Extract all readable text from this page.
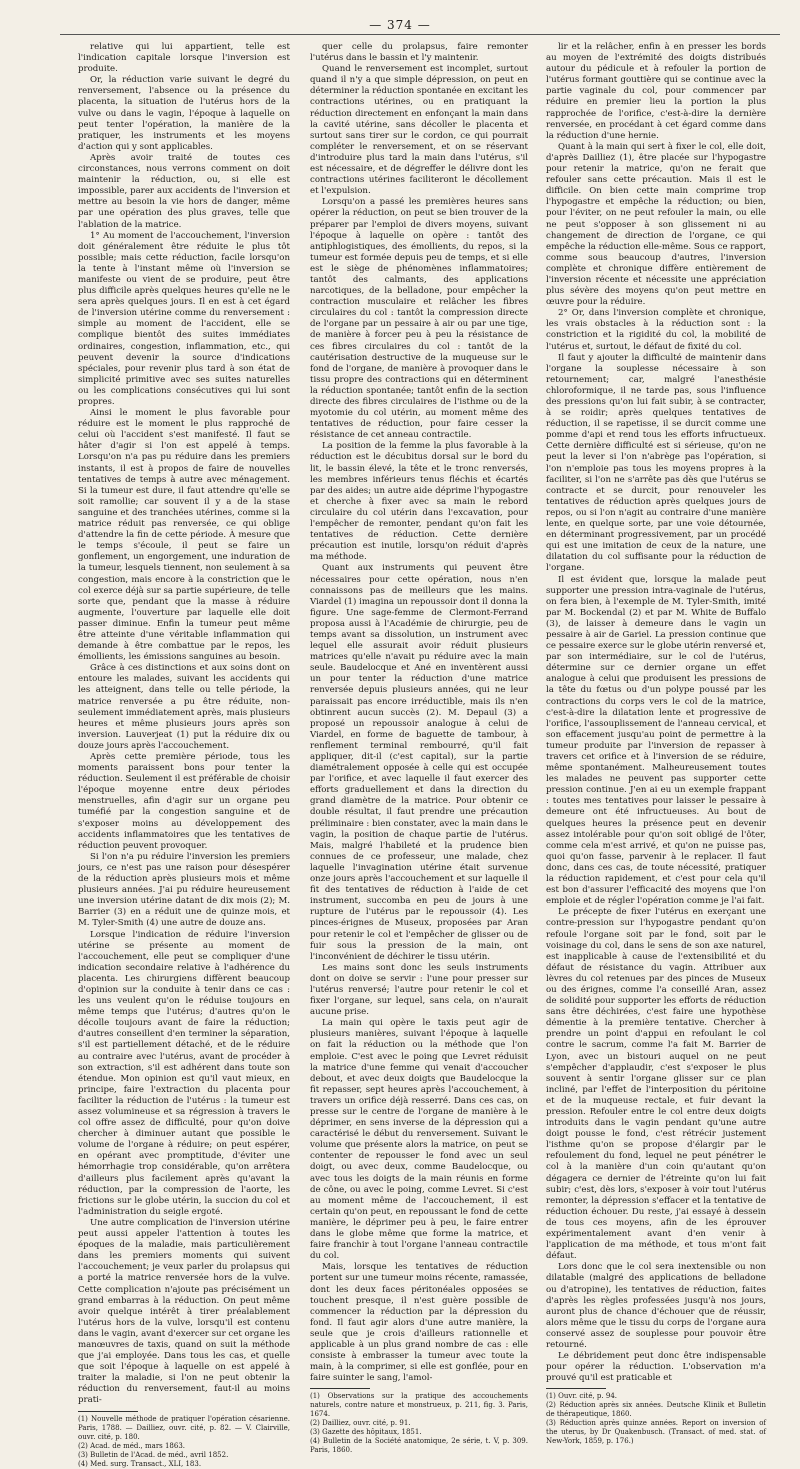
— 374 —

relative qui lui appartient, telle est l'indication capitale lorsque l'inversion est produite.

Or, la réduction varie suivant le degré du renversement, l'absence ou la présence du placenta, la situation de l'utérus hors de la vulve ou dans le vagin, l'époque à laquelle on peut tenter l'opération, la manière de la pratiquer, les instruments et les moyens d'action qui y sont applicables.

Après avoir traité de toutes ces circonstances, nous verrons comment on doit maintenir la réduction, ou, si elle est impossible, parer aux accidents de l'inversion et mettre au besoin la vie hors de danger, même par une opération des plus graves, telle que l'ablation de la matrice.

1° Au moment de l'accouchement, l'inversion doit généralement être réduite le plus tôt possible; mais cette réduction, facile lorsqu'on la tente à l'instant même où l'inversion se manifeste ou vient de se produire, peut être plus difficile après quelques heures qu'elle ne le sera après quelques jours. Il en est à cet égard de l'inversion utérine comme du renversement : simple au moment de l'accident, elle se complique bientôt des suites immédiates ordinaires, congestion, inflammation, etc., qui peuvent devenir la source d'indications spéciales, pour revenir plus tard à son état de simplicité primitive avec ses suites naturelles ou les complications consécutives qui lui sont propres.

Ainsi le moment le plus favorable pour réduire est le moment le plus rapproché de celui où l'accident s'est manifesté. Il faut se hâter d'agir si l'on est appelé à temps. Lorsqu'on n'a pas pu réduire dans les premiers instants, il est à propos de faire de nouvelles tentatives de temps à autre avec ménagement. Si la tumeur est dure, il faut attendre qu'elle se soit ramollie; car souvent il y a de la stase sanguine et des tranchées utérines, comme si la matrice réduit pas renversée, ce qui oblige d'attendre la fin de cette période. À mesure que le temps s'écoule, il peut se faire un gonflement, un engorgement, une induration de la tumeur, lesquels tiennent, non seulement à sa congestion, mais encore à la constriction que le col exerce déjà sur sa partie supérieure, de telle sorte que, pendant que la masse à réduire augmente, l'ouverture par laquelle elle doit passer diminue. Enfin la tumeur peut même être atteinte d'une véritable inflammation qui demande à être combattue par le repos, les émollients, les émissions sanguines au besoin.

Grâce à ces distinctions et aux soins dont on entoure les malades, suivant les accidents qui les atteignent, dans telle ou telle période, la matrice renversée a pu être réduite, non-seulement immédiatement après, mais plusieurs heures et même plusieurs jours après son inversion. Lauverjeat (1) put la réduire dix ou douze jours après l'accouchement.

Après cette première période, tous les moments paraissent bons pour tenter la réduction. Seulement il est préférable de choisir l'époque moyenne entre deux périodes menstruelles, afin d'agir sur un organe peu tuméfié par la congestion sanguine et de s'exposer moins au développement des accidents inflammatoires que les tentatives de réduction peuvent provoquer.

Si l'on n'a pu réduire l'inversion les premiers jours, ce n'est pas une raison pour désespérer de la réduction après plusieurs mois et même plusieurs années. J'ai pu réduire heureusement une inversion utérine datant de dix mois (2); M. Barrier (3) en a réduit une de quinze mois, et M. Tyler-Smith (4) une autre de douze ans.

Lorsque l'indication de réduire l'inversion utérine se présente au moment de l'accouchement, elle peut se compliquer d'une indication secondaire relative à l'adhérence du placenta. Les chirurgiens diffèrent beaucoup d'opinion sur la conduite à tenir dans ce cas : les uns veulent qu'on le réduise toujours en même temps que l'utérus; d'autres qu'on le décolle toujours avant de faire la réduction; d'autres conseillent d'en terminer la séparation, s'il est partiellement détaché, et de le réduire au contraire avec l'utérus, avant de procéder à son extraction, s'il est adhérent dans toute son étendue. Mon opinion est qu'il vaut mieux, en principe, faire l'extraction du placenta pour faciliter la réduction de l'utérus : la tumeur est assez volumineuse et sa régression à travers le col offre assez de difficulté, pour qu'on doive chercher à diminuer autant que possible le volume de l'organe à réduire; on peut espérer, en opérant avec promptitude, d'éviter une hémorrhagie trop considérable, qu'on arrêtera d'ailleurs plus facilement après qu'avant la réduction, par la compression de l'aorte, les frictions sur le globe utérin, la succion du col et l'administration du seigle ergoté.

Une autre complication de l'inversion utérine peut aussi appeler l'attention à toutes les époques de la maladie, mais particulièrement dans les premiers moments qui suivent l'accouchement; je veux parler du prolapsus qui a porté la matrice renversée hors de la vulve. Cette complication n'ajoute pas précisément un grand embarras à la réduction. On peut même avoir quelque intérêt à tirer préalablement l'utérus hors de la vulve, lorsqu'il est contenu dans le vagin, avant d'exercer sur cet organe les manœuvres de taxis, quand on suit la méthode que j'ai employée. Dans tous les cas, et quelle que soit l'époque à laquelle on est appelé à traiter la maladie, si l'on ne peut obtenir la réduction du renversement, faut-il au moins prati-

(1) Nouvelle méthode de pratiquer l'opération césarienne. Paris, 1788. — Dailliez, ouvr. cité, p. 82. — V. Clairville, ouvr. cité, p. 180.

(2) Acad. de méd., mars 1863.

(3) Bulletin de l'Acad. de méd., avril 1852.

(4) Med. surg. Transact., XLI, 183.

quer celle du prolapsus, faire remonter l'utérus dans le bassin et l'y maintenir.

Quand le renversement est incomplet, surtout quand il n'y a que simple dépression, on peut en déterminer la réduction spontanée en excitant les contractions utérines, ou en pratiquant la réduction directement en enfonçant la main dans la cavité utérine, sans décoller le placenta et surtout sans tirer sur le cordon, ce qui pourrait compléter le renversement, et on se réservant d'introduire plus tard la main dans l'utérus, s'il est nécessaire, et de dégreffer le délivre dont les contractions utérines faciliteront le décollement et l'expulsion.

Lorsqu'on a passé les premières heures sans opérer la réduction, on peut se bien trouver de la préparer par l'emploi de divers moyens, suivant l'époque à laquelle on opère : tantôt des antiphlogistiques, des émollients, du repos, si la tumeur est formée depuis peu de temps, et si elle est le siège de phénomènes inflammatoires; tantôt des calmants, des applications narcotiques, de la belladone, pour empêcher la contraction musculaire et relâcher les fibres circulaires du col : tantôt la compression directe de l'organe par un pessaire à air ou par une tige, de manière à forcer peu à peu la résistance de ces fibres circulaires du col : tantôt de la cautérisation destructive de la muqueuse sur le fond de l'organe, de manière à provoquer dans le tissu propre des contractions qui en déterminent la réduction spontanée; tantôt enfin de la section directe des fibres circulaires de l'isthme ou de la myotomie du col utérin, au moment même des tentatives de réduction, pour faire cesser la résistance de cet anneau contractile.

La position de la femme la plus favorable à la réduction est le décubitus dorsal sur le bord du lit, le bassin élevé, la tête et le tronc renversés, les membres inférieurs tenus fléchis et écartés par des aides; un autre aide déprime l'hypogastre et cherche à fixer avec sa main le rebord circulaire du col utérin dans l'excavation, pour l'empêcher de remonter, pendant qu'on fait les tentatives de réduction. Cette dernière précaution est inutile, lorsqu'on réduit d'après ma méthode.

Quant aux instruments qui peuvent être nécessaires pour cette opération, nous n'en connaissons pas de meilleurs que les mains. Viardel (1) imagina un repoussoir dont il donna la figure. Une sage-femme de Clermont-Ferrand proposa aussi à l'Académie de chirurgie, peu de temps avant sa dissolution, un instrument avec lequel elle assurait avoir réduit plusieurs matrices qu'elle n'avait pu réduire avec la main seule. Baudelocque et Ané en inventèrent aussi un pour tenter la réduction d'une matrice renversée depuis plusieurs années, qui ne leur paraissait pas encore irréductible, mais ils n'en obtinrent aucun succès (2). M. Depaul (3) a proposé un repoussoir analogue à celui de Viardel, en forme de baguette de tambour, à renflement terminal rembourré, qu'il fait appliquer, dit-il (c'est capital), sur la partie diamétralement opposée à celle qui est occupée par l'orifice, et avec laquelle il faut exercer des efforts graduellement et dans la direction du grand diamètre de la matrice. Pour obtenir ce double résultat, il faut prendre une précaution préliminaire : bien constater, avec la main dans le vagin, la position de chaque partie de l'utérus. Mais, malgré l'habileté et la prudence bien connues de ce professeur, une malade, chez laquelle l'invagination utérine était survenue onze jours après l'accouchement et sur laquelle il fit des tentatives de réduction à l'aide de cet instrument, succomba en peu de jours à une rupture de l'utérus par le repoussoir (4). Les pinces-érignes de Museux, proposées par Aran pour retenir le col et l'empêcher de glisser ou de fuir sous la pression de la main, ont l'inconvénient de déchirer le tissu utérin.

Les mains sont donc les seuls instruments dont on doive se servir : l'une pour presser sur l'utérus renversé; l'autre pour retenir le col et fixer l'organe, sur lequel, sans cela, on n'aurait aucune prise.

La main qui opère le taxis peut agir de plusieurs manières, suivant l'époque à laquelle on fait la réduction ou la méthode que l'on emploie. C'est avec le poing que Levret réduisit la matrice d'une femme qui venait d'accoucher debout, et avec deux doigts que Baudelocque la fit repasser, sept heures après l'accouchement, à travers un orifice déjà resserré. Dans ces cas, on presse sur le centre de l'organe de manière à le déprimer, en sens inverse de la dépression qui a caractérisé le début du renversement. Suivant le volume que présente alors la matrice, on peut se contenter de repousser le fond avec un seul doigt, ou avec deux, comme Baudelocque, ou avec tous les doigts de la main réunis en forme de cône, ou avec le poing, comme Levret. Si c'est au moment même de l'accouchement, il est certain qu'on peut, en repoussant le fond de cette manière, le déprimer peu à peu, le faire entrer dans le globe même que forme la matrice, et faire franchir à tout l'organe l'anneau contractile du col.

Mais, lorsque les tentatives de réduction portent sur une tumeur moins récente, ramassée, dont les deux faces péritonéales opposées se touchent presque, il n'est guère possible de commencer la réduction par la dépression du fond. Il faut agir alors d'une autre manière, la seule que je crois d'ailleurs rationnelle et applicable à un plus grand nombre de cas : elle consiste à embrasser la tumeur avec toute la main, à la comprimer, si elle est gonflée, pour en faire suinter le sang, l'amol-

(1) Observations sur la pratique des accouchements naturels, contre nature et monstrueux, p. 211, fig. 3. Paris, 1674.

(2) Dailliez, ouvr. cité, p. 91.

(3) Gazette des hôpitaux, 1851.

(4) Bulletin de la Société anatomique, 2e série, t. V, p. 309. Paris, 1860.

lir et la relâcher, enfin à en presser les bords au moyen de l'extrémité des doigts distribués autour du pédicule et à refouler la portion de l'utérus formant gouttière qui se continue avec la partie vaginale du col, pour commencer par réduire en premier lieu la portion la plus rapprochée de l'orifice, c'est-à-dire la dernière renversée, en procédant à cet égard comme dans la réduction d'une hernie.

Quant à la main qui sert à fixer le col, elle doit, d'après Dailliez (1), être placée sur l'hypogastre pour retenir la matrice, qu'on ne ferait que refouler sans cette précaution. Mais il est le difficile. On bien cette main comprime trop l'hypogastre et empêche la réduction; ou bien, pour l'éviter, on ne peut refouler la main, ou elle ne peut s'opposer à son glissement ni au changement de direction de l'organe, ce qui empêche la réduction elle-même. Sous ce rapport, comme sous beaucoup d'autres, l'inversion complète et chronique diffère entièrement de l'inversion récente et nécessite une appréciation plus sévère des moyens qu'on peut mettre en œuvre pour la réduire.

2° Or, dans l'inversion complète et chronique, les vrais obstacles à la réduction sont : la constriction et la rigidité du col, la mobilité de l'utérus et, surtout, le défaut de fixité du col.

Il faut y ajouter la difficulté de maintenir dans l'organe la souplesse nécessaire à son retournement; car, malgré l'anesthésie chloroformique, il ne tarde pas, sous l'influence des pressions qu'on lui fait subir, à se contracter, à se roidir; après quelques tentatives de réduction, il se rapetisse, il se durcit comme une pomme d'api et rend tous les efforts infructueux. Cette dernière difficulté est si sérieuse, qu'on ne peut la lever si l'on n'abrège pas l'opération, si l'on n'emploie pas tous les moyens propres à la faciliter, si l'on ne s'arrête pas dès que l'utérus se contracte et se durcit, pour renouveler les tentatives de réduction après quelques jours de repos, ou si l'on n'agit au contraire d'une manière lente, en quelque sorte, par une voie détournée, en déterminant progressivement, par un procédé qui est une imitation de ceux de la nature, une dilatation du col suffisante pour la réduction de l'organe.

Il est évident que, lorsque la malade peut supporter une pression intra-vaginale de l'utérus, on fera bien, à l'exemple de M. Tyler-Smith, imité par M. Bockendal (2) et par M. White de Buffalo (3), de laisser à demeure dans le vagin un pessaire à air de Gariel. La pression continue que ce pessaire exerce sur le globe utérin renversé et, par son intermédiaire, sur le col de l'utérus, détermine sur ce dernier organe un effet analogue à celui que produisent les pressions de la tête du fœtus ou d'un polype poussé par les contractions du corps vers le col de la matrice, c'est-à-dire la dilatation lente et progressive de l'orifice, l'assouplissement de l'anneau cervical, et son effacement jusqu'au point de permettre à la tumeur produite par l'inversion de repasser à travers cet orifice et à l'inversion de se réduire, même spontanément. Malheureusement toutes les malades ne peuvent pas supporter cette pression continue. J'en ai eu un exemple frappant : toutes mes tentatives pour laisser le pessaire à demeure ont été infructueuses. Au bout de quelques heures la présence peut en devenir assez intolérable pour qu'on soit obligé de l'ôter, comme cela m'est arrivé, et qu'on ne puisse pas, quoi qu'on fasse, parvenir à le replacer. Il faut donc, dans ces cas, de toute nécessité, pratiquer la réduction rapidement, et c'est pour cela qu'il est bon d'assurer l'efficacité des moyens que l'on emploie et de régler l'opération comme je l'ai fait.

Le précepte de fixer l'utérus en exerçant une contre-pression sur l'hypogastre pendant qu'on refoule l'organe soit par le fond, soit par le voisinage du col, dans le sens de son axe naturel, est inapplicable à cause de l'extensibilité et du défaut de résistance du vagin. Attribuer aux lèvres du col retenues par des pinces de Museux ou des érignes, comme l'a conseillé Aran, assez de solidité pour supporter les efforts de réduction sans être déchirées, c'est faire une hypothèse démentie à la première tentative. Chercher à prendre un point d'appui en refoulant le col contre le sacrum, comme l'a fait M. Barrier de Lyon, avec un bistouri auquel on ne peut s'empêcher d'applaudir, c'est s'exposer le plus souvent à sentir l'organe glisser sur ce plan incliné, par l'effet de l'interposition du péritoine et de la muqueuse rectale, et fuir devant la pression. Refouler entre le col entre deux doigts introduits dans le vagin pendant qu'une autre doigt pousse le fond, c'est rétrécir justement l'isthme qu'on se propose d'élargir par le refoulement du fond, lequel ne peut pénétrer le col à la manière d'un coin qu'autant qu'on dégagera ce dernier de l'étreinte qu'on lui fait subir; c'est, dès lors, s'exposer à voir tout l'utérus remonter, la dépression s'effacer et la tentative de réduction échouer. Du reste, j'ai essayé à dessein de tous ces moyens, afin de les éprouver expérimentalement avant d'en venir à l'application de ma méthode, et tous m'ont fait défaut.

Lors donc que le col sera inextensible ou non dilatable (malgré des applications de belladone ou d'atropine), les tentatives de réduction, faites d'après les règles professées jusqu'à nos jours, auront plus de chance d'échouer que de réussir, alors même que le tissu du corps de l'organe aura conservé assez de souplesse pour pouvoir être retourné.

Le débridement peut donc être indispensable pour opérer la réduction. L'observation m'a prouvé qu'il est praticable et

(1) Ouvr. cité, p. 94.

(2) Réduction après six années. Deutsche Klinik et Bulletin de thérapeutique, 1860.

(3) Réduction après quinze années. Report on inversion of the uterus, by Dr Quakenbusch. (Transact. of med. stat. of New-York, 1859, p. 176.)
